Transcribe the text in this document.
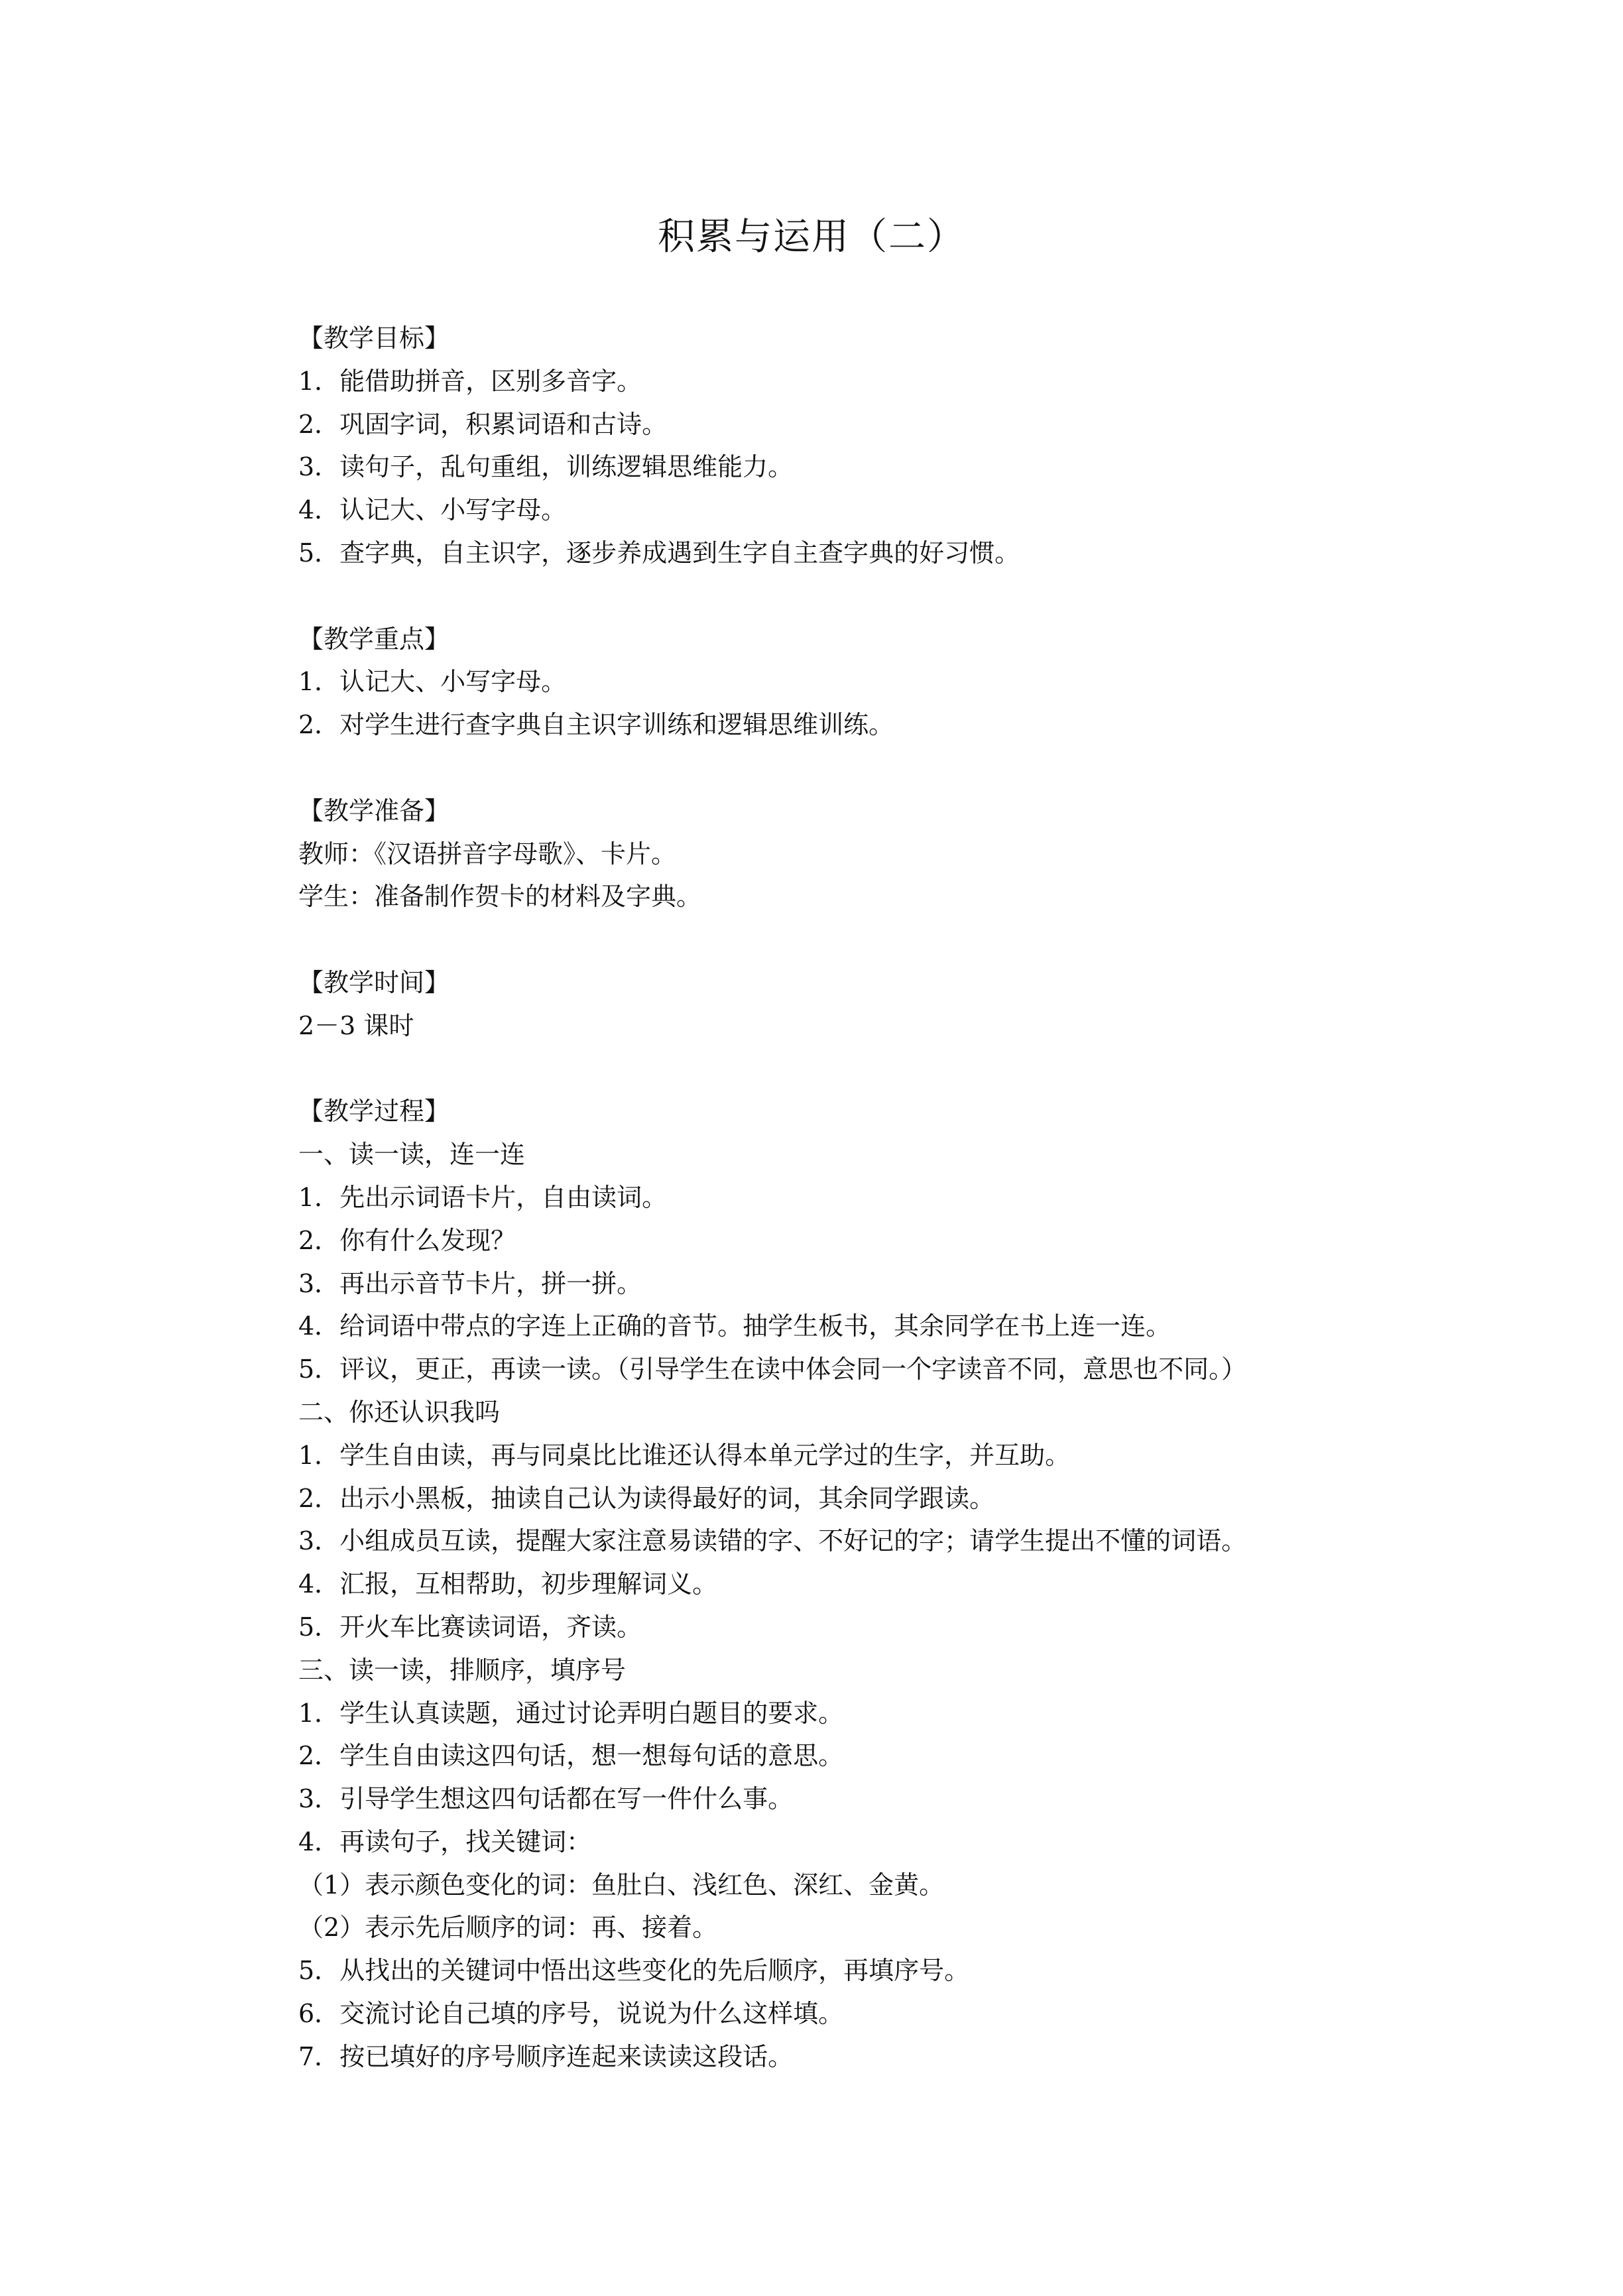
积累与运用（二）
【教学目标】
1．能借助拼音，区别多音字。
2．巩固字词，积累词语和古诗。
3．读句子，乱句重组，训练逻辑思维能力。
4．认记大、小写字母。
5．查字典，自主识字，逐步养成遇到生字自主查字典的好习惯。
【教学重点】
1．认记大、小写字母。
2．对学生进行查字典自主识字训练和逻辑思维训练。
【教学准备】
教师：《汉语拼音字母歌》、卡片。
学生：准备制作贺卡的材料及字典。
【教学时间】
2－3 课时
【教学过程】
一、读一读，连一连
1．先出示词语卡片，自由读词。
2．你有什么发现？
3．再出示音节卡片，拼一拼。
4．给词语中带点的字连上正确的音节。抽学生板书，其余同学在书上连一连。
5．评议，更正，再读一读。（引导学生在读中体会同一个字读音不同，意思也不同。）
二、你还认识我吗
1．学生自由读，再与同桌比比谁还认得本单元学过的生字，并互助。
2．出示小黑板，抽读自己认为读得最好的词，其余同学跟读。
3．小组成员互读，提醒大家注意易读错的字、不好记的字；请学生提出不懂的词语。
4．汇报，互相帮助，初步理解词义。
5．开火车比赛读词语，齐读。
三、读一读，排顺序，填序号
1．学生认真读题，通过讨论弄明白题目的要求。
2．学生自由读这四句话，想一想每句话的意思。
3．引导学生想这四句话都在写一件什么事。
4．再读句子，找关键词：
（1）表示颜色变化的词：鱼肚白、浅红色、深红、金黄。
（2）表示先后顺序的词：再、接着。
5．从找出的关键词中悟出这些变化的先后顺序，再填序号。
6．交流讨论自己填的序号，说说为什么这样填。
7．按已填好的序号顺序连起来读读这段话。
